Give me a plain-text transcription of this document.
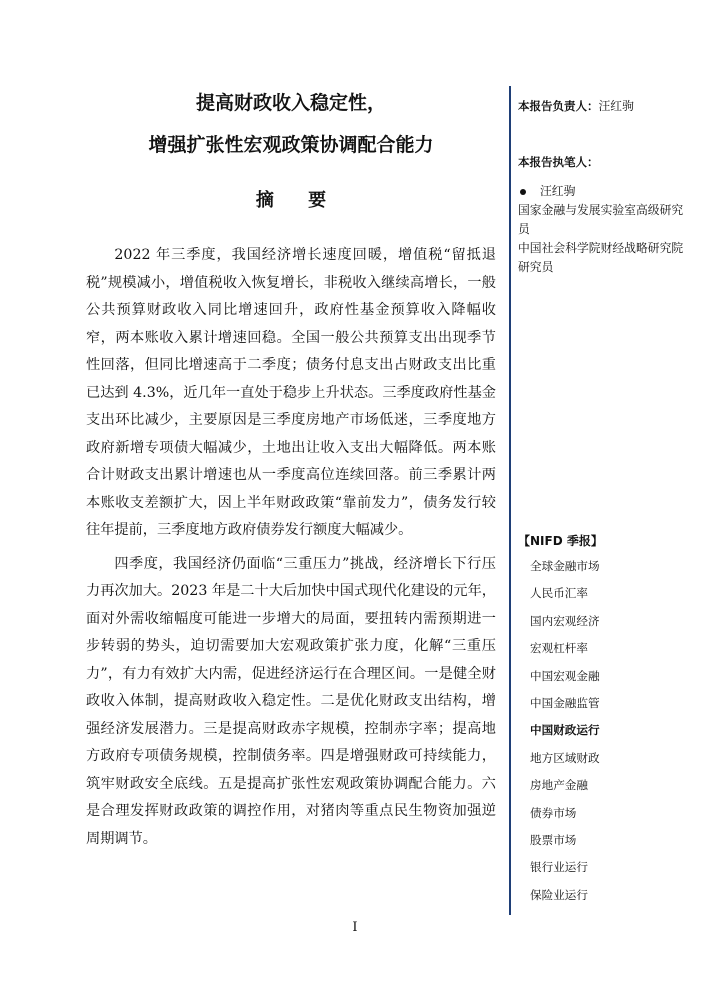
提高财政收入稳定性，
增强扩张性宏观政策协调配合能力
摘 要

2022 年三季度，我国经济增长速度回暖，增值税“留抵退税”规模减小，增值税收入恢复增长，非税收入继续高增长，一般公共预算财政收入同比增速回升，政府性基金预算收入降幅收窄，两本账收入累计增速回稳。全国一般公共预算支出出现季节性回落，但同比增速高于二季度；债务付息支出占财政支出比重已达到 4.3%，近几年一直处于稳步上升状态。三季度政府性基金支出环比减少，主要原因是三季度房地产市场低迷，三季度地方政府新增专项债大幅减少，土地出让收入支出大幅降低。两本账合计财政支出累计增速也从一季度高位连续回落。前三季累计两本账收支差额扩大，因上半年财政政策“靠前发力”，债务发行较往年提前，三季度地方政府债券发行额度大幅减少。

四季度，我国经济仍面临“三重压力”挑战，经济增长下行压力再次加大。2023 年是二十大后加快中国式现代化建设的元年，面对外需收缩幅度可能进一步增大的局面，要扭转内需预期进一步转弱的势头，迫切需要加大宏观政策扩张力度，化解“三重压力”，有力有效扩大内需，促进经济运行在合理区间。一是健全财政收入体制，提高财政收入稳定性。二是优化财政支出结构，增强经济发展潜力。三是提高财政赤字规模，控制赤字率；提高地方政府专项债务规模，控制债务率。四是增强财政可持续能力，筑牢财政安全底线。五是提高扩张性宏观政策协调配合能力。六是合理发挥财政政策的调控作用，对猪肉等重点民生物资加强逆周期调节。

本报告负责人：汪红驹
本报告执笔人：
汪红驹
国家金融与发展实验室高级研究员
中国社会科学院财经战略研究院研究员
【NIFD 季报】
全球金融市场
人民币汇率
国内宏观经济
宏观杠杆率
中国宏观金融
中国金融监管
中国财政运行
地方区域财政
房地产金融
债券市场
股票市场
银行业运行
保险业运行
I
